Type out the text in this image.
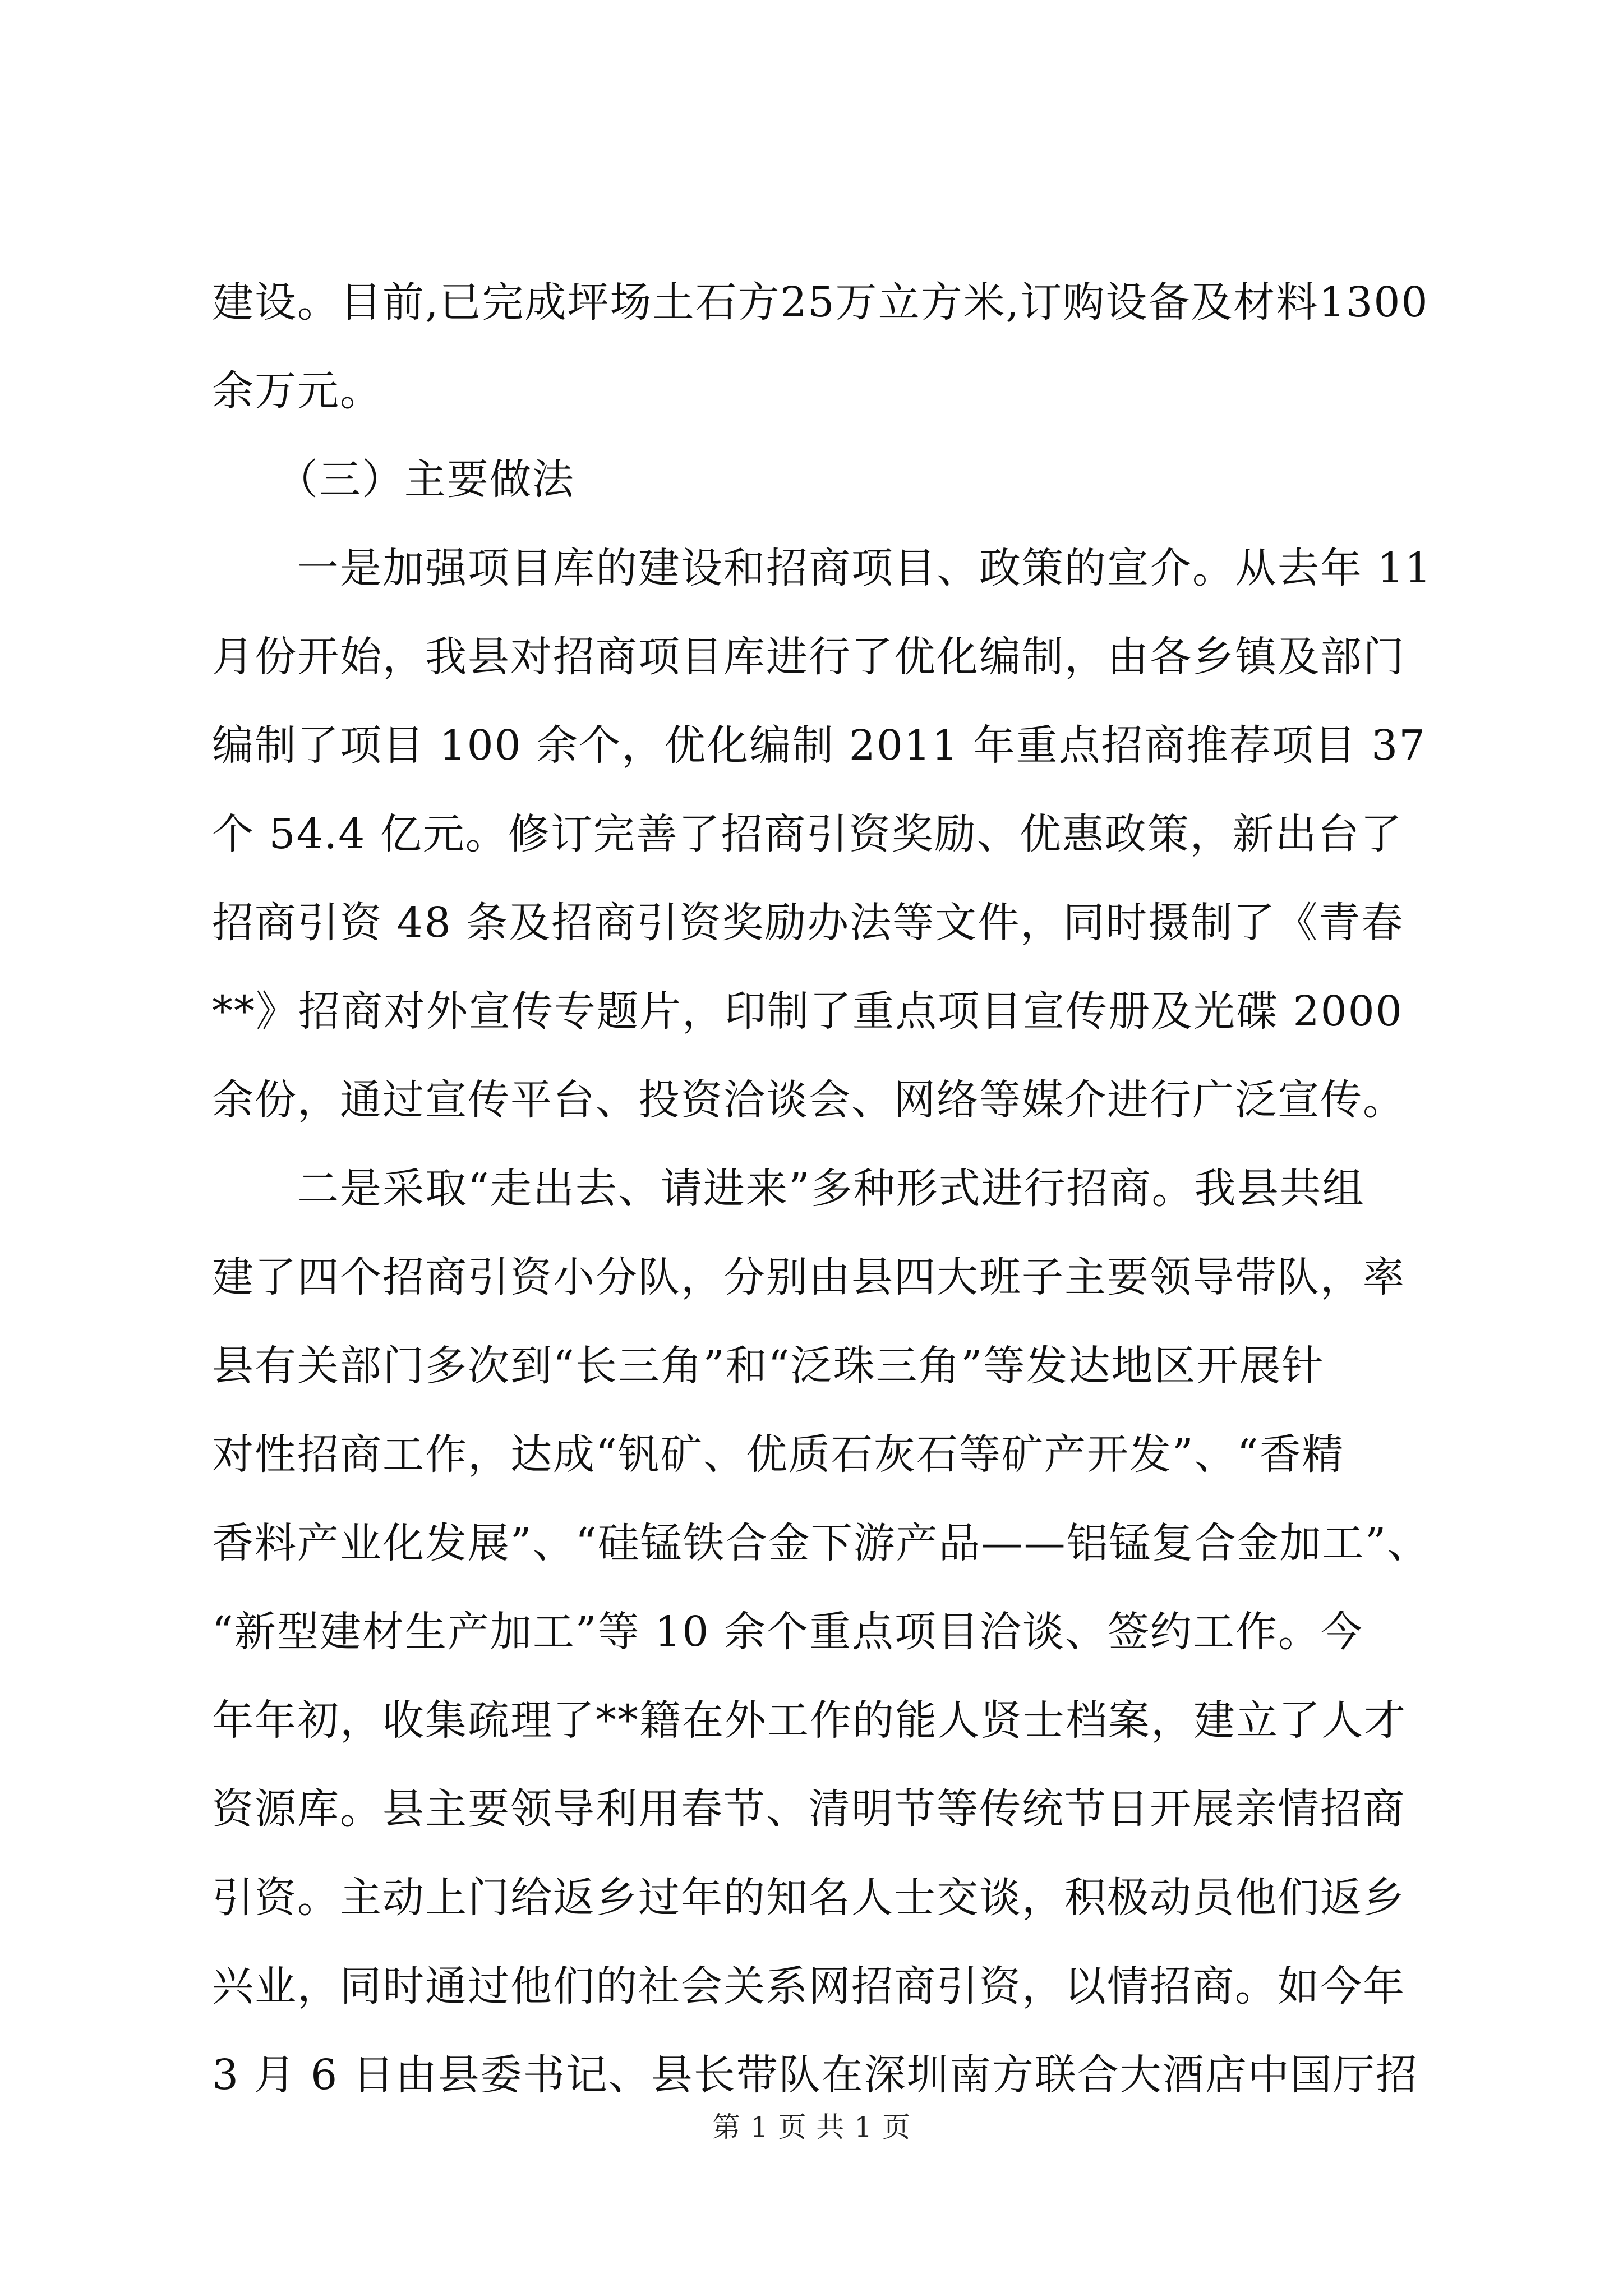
建设。目前,已完成坪场土石方25万立方米,订购设备及材料1300
余万元。
　　（三）主要做法
　　一是加强项目库的建设和招商项目、政策的宣介。从去年 11
月份开始，我县对招商项目库进行了优化编制，由各乡镇及部门
编制了项目 100 余个，优化编制 2011 年重点招商推荐项目 37
个 54.4 亿元。修订完善了招商引资奖励、优惠政策，新出台了
招商引资 48 条及招商引资奖励办法等文件，同时摄制了《青春
**》招商对外宣传专题片，印制了重点项目宣传册及光碟 2000
余份，通过宣传平台、投资洽谈会、网络等媒介进行广泛宣传。
　　二是采取“走出去、请进来”多种形式进行招商。我县共组
建了四个招商引资小分队，分别由县四大班子主要领导带队，率
县有关部门多次到“长三角”和“泛珠三角”等发达地区开展针
对性招商工作，达成“钒矿、优质石灰石等矿产开发”、“香精
香料产业化发展”、“硅锰铁合金下游产品——铝锰复合金加工”、
“新型建材生产加工”等 10 余个重点项目洽谈、签约工作。今
年年初，收集疏理了**籍在外工作的能人贤士档案，建立了人才
资源库。县主要领导利用春节、清明节等传统节日开展亲情招商
引资。主动上门给返乡过年的知名人士交谈，积极动员他们返乡
兴业，同时通过他们的社会关系网招商引资，以情招商。如今年
3 月 6 日由县委书记、县长带队在深圳南方联合大酒店中国厅招
第 1 页 共 1 页
